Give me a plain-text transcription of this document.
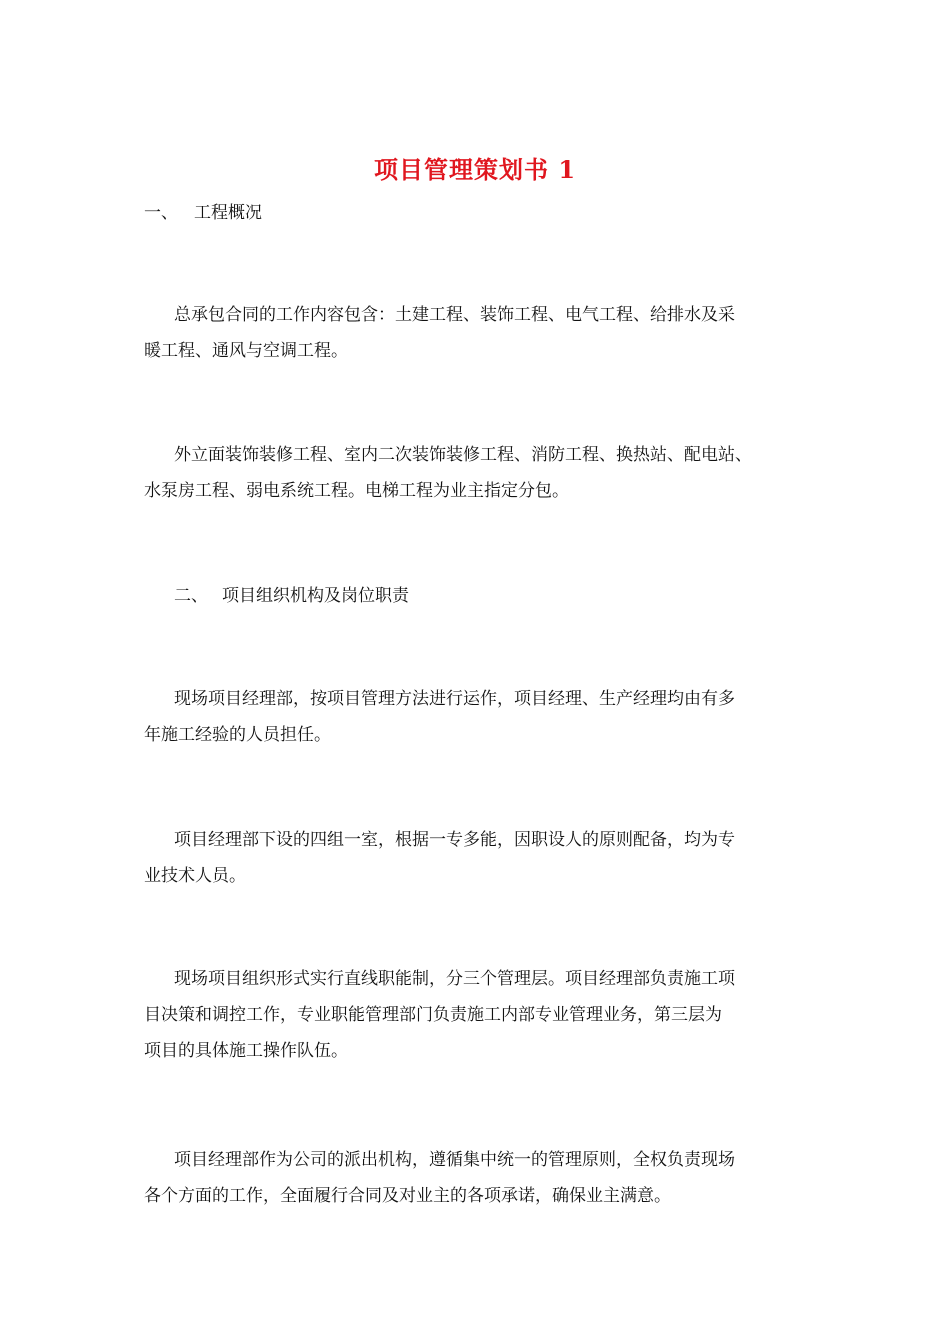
项目管理策划书 1
一、 工程概况
总承包合同的工作内容包含：土建工程、装饰工程、电气工程、给排水及采
暖工程、通风与空调工程。
外立面装饰装修工程、室内二次装饰装修工程、消防工程、换热站、配电站、
水泵房工程、弱电系统工程。电梯工程为业主指定分包。
二、 项目组织机构及岗位职责
现场项目经理部，按项目管理方法进行运作，项目经理、生产经理均由有多
年施工经验的人员担任。
项目经理部下设的四组一室，根据一专多能，因职设人的原则配备，均为专
业技术人员。
现场项目组织形式实行直线职能制，分三个管理层。项目经理部负责施工项
目决策和调控工作，专业职能管理部门负责施工内部专业管理业务，第三层为
项目的具体施工操作队伍。
项目经理部作为公司的派出机构，遵循集中统一的管理原则，全权负责现场
各个方面的工作，全面履行合同及对业主的各项承诺，确保业主满意。
